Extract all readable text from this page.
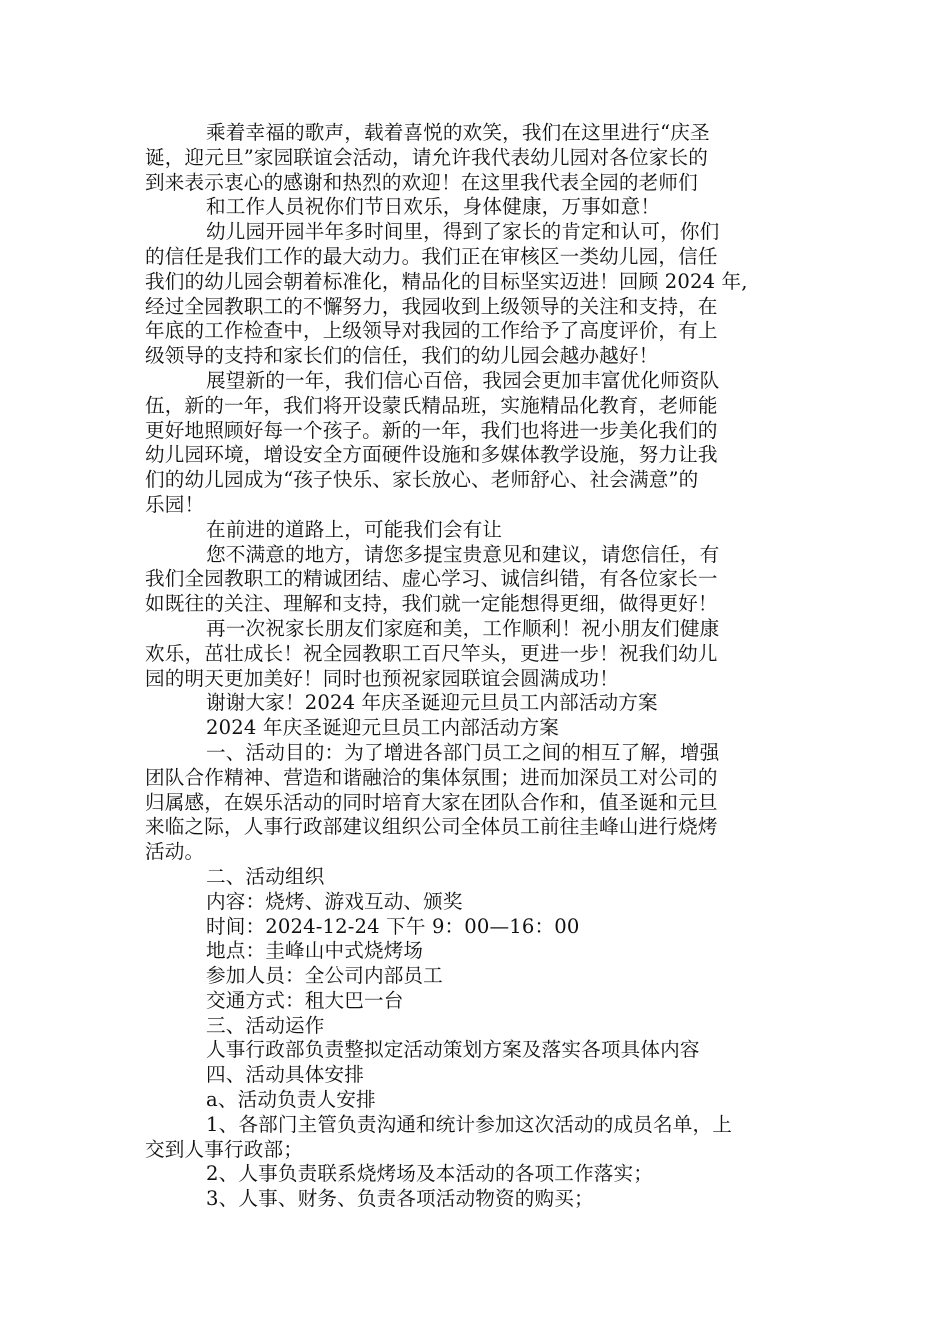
乘着幸福的歌声，载着喜悦的欢笑，我们在这里进行“庆圣
诞，迎元旦”家园联谊会活动，请允许我代表幼儿园对各位家长的
到来表示衷心的感谢和热烈的欢迎！在这里我代表全园的老师们
和工作人员祝你们节日欢乐，身体健康，万事如意！
幼儿园开园半年多时间里，得到了家长的肯定和认可，你们
的信任是我们工作的最大动力。我们正在审核区一类幼儿园，信任
我们的幼儿园会朝着标准化，精品化的目标坚实迈进！回顾 2024 年,
经过全园教职工的不懈努力，我园收到上级领导的关注和支持，在
年底的工作检查中，上级领导对我园的工作给予了高度评价，有上
级领导的支持和家长们的信任，我们的幼儿园会越办越好！
展望新的一年，我们信心百倍，我园会更加丰富优化师资队
伍，新的一年，我们将开设蒙氏精品班，实施精品化教育，老师能
更好地照顾好每一个孩子。新的一年，我们也将进一步美化我们的
幼儿园环境，增设安全方面硬件设施和多媒体教学设施，努力让我
们的幼儿园成为“孩子快乐、家长放心、老师舒心、社会满意”的
乐园！
在前进的道路上，可能我们会有让
您不满意的地方，请您多提宝贵意见和建议，请您信任，有
我们全园教职工的精诚团结、虚心学习、诚信纠错，有各位家长一
如既往的关注、理解和支持，我们就一定能想得更细，做得更好！
再一次祝家长朋友们家庭和美，工作顺利！祝小朋友们健康
欢乐，茁壮成长！祝全园教职工百尺竿头，更进一步！祝我们幼儿
园的明天更加美好！同时也预祝家园联谊会圆满成功！
谢谢大家！2024 年庆圣诞迎元旦员工内部活动方案
2024 年庆圣诞迎元旦员工内部活动方案
一、活动目的：为了增进各部门员工之间的相互了解，增强
团队合作精神、营造和谐融洽的集体氛围；进而加深员工对公司的
归属感，在娱乐活动的同时培育大家在团队合作和，值圣诞和元旦
来临之际，人事行政部建议组织公司全体员工前往圭峰山进行烧烤
活动。
二、活动组织
内容：烧烤、游戏互动、颁奖
时间：2024-12-24 下午 9：00—16：00
地点：圭峰山中式烧烤场
参加人员：全公司内部员工
交通方式：租大巴一台
三、活动运作
人事行政部负责整拟定活动策划方案及落实各项具体内容
四、活动具体安排
a、活动负责人安排
1、各部门主管负责沟通和统计参加这次活动的成员名单，上
交到人事行政部；
2、人事负责联系烧烤场及本活动的各项工作落实；
3、人事、财务、负责各项活动物资的购买；
